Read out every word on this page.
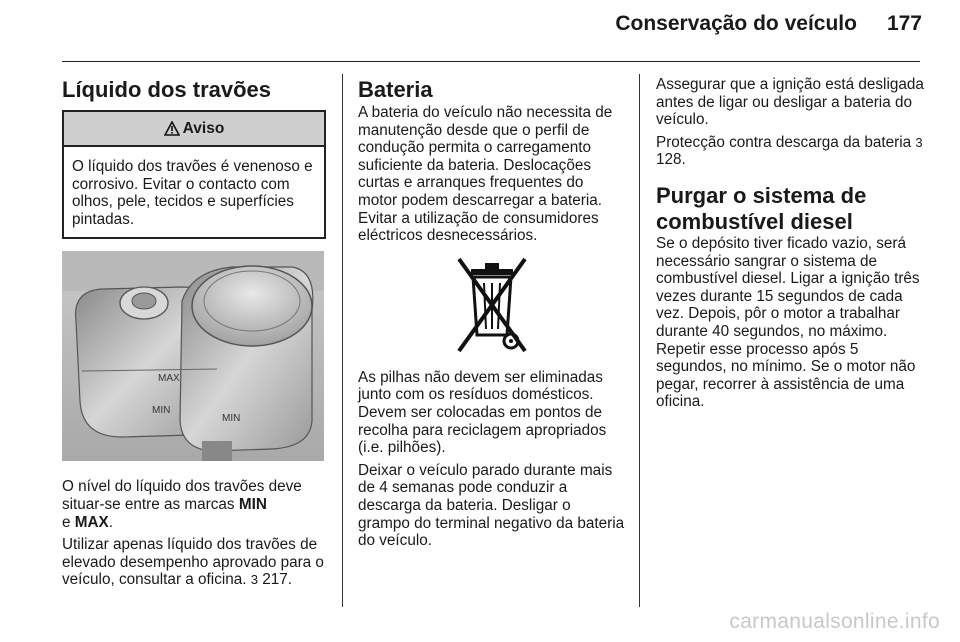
Conservação do veículo 177
Líquido dos travões
Aviso
O líquido dos travões é venenoso e corrosivo. Evitar o contacto com olhos, pele, tecidos e superfícies pintadas.
MAX
MIN
MIN

O nível do líquido dos travões deve situar-se entre as marcas MIN
e MAX.

Utilizar apenas líquido dos travões de elevado desempenho aprovado para o veículo, consultar a oficina. 3 217.

Bateria

A bateria do veículo não necessita de manutenção desde que o perfil de condução permita o carregamento suficiente da bateria. Deslocações curtas e arranques frequentes do motor podem descarregar a bateria. Evitar a utilização de consumidores eléctricos desnecessários.

As pilhas não devem ser eliminadas junto com os resíduos domésticos. Devem ser colocadas em pontos de recolha para reciclagem apropriados (i.e. pilhões).

Deixar o veículo parado durante mais de 4 semanas pode conduzir a descarga da bateria. Desligar o grampo do terminal negativo da bateria do veículo.

Assegurar que a ignição está desligada antes de ligar ou desligar a bateria do veículo.

Protecção contra descarga da bateria 3 128.

Purgar o sistema de combustível diesel

Se o depósito tiver ficado vazio, será necessário sangrar o sistema de combustível diesel. Ligar a ignição três vezes durante 15 segundos de cada vez. Depois, pôr o motor a trabalhar durante 40 segundos, no máximo. Repetir esse processo após 5 segundos, no mínimo. Se o motor não pegar, recorrer à assistência de uma oficina.

carmanualsonline.info
